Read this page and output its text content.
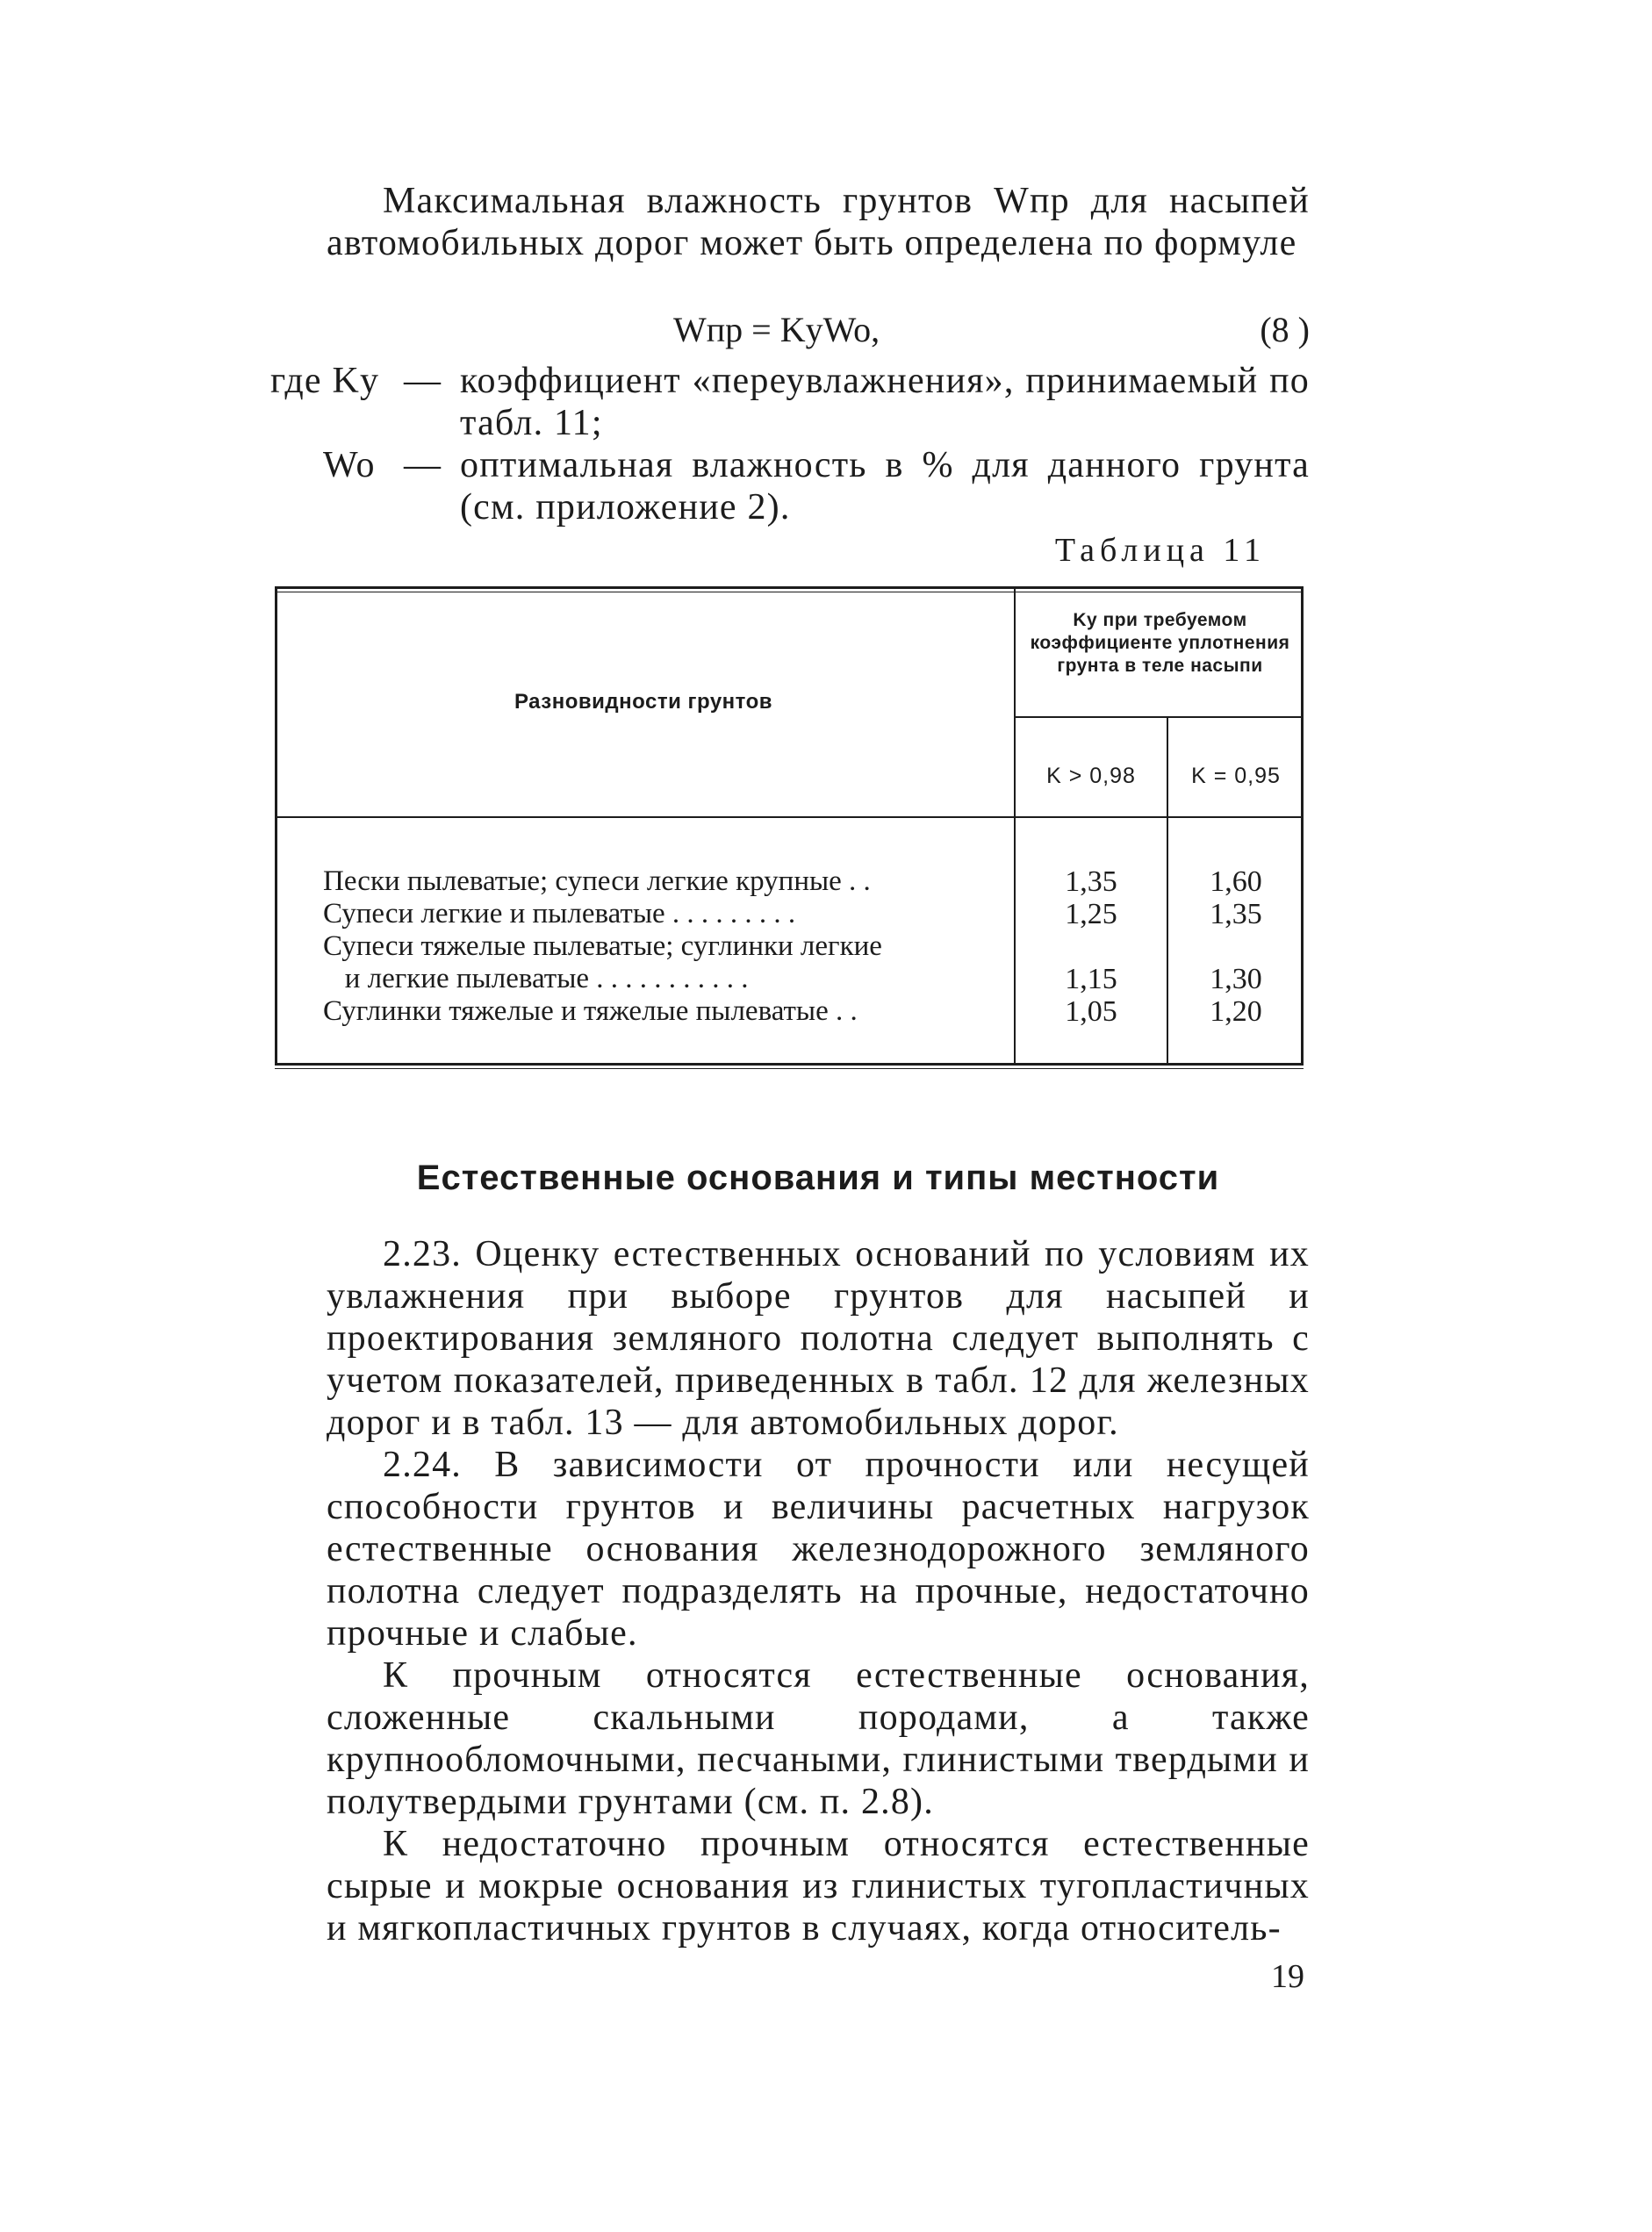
Максимальная влажность грунтов Wпр для насыпей автомобильных дорог может быть определена по формуле

Wпр = KyWo,	(8 )
где Ky — коэффициент «переувлажнения», принимаемый по табл. 11;
Wo — оптимальная влажность в % для данного грунта (см. приложение 2).
Таблица 11
Разновидности грунтов
Ky при требуемом коэффициенте уплотнения грунта в теле насыпи
K > 0,98	K = 0,95
Пески пылеватые; супеси легкие крупные . .
Супеси легкие и пылеватые . . . . . . . . .
Супеси тяжелые пылеватые; суглинки легкие
и легкие пылеватые . . . . . . . . . . .
Суглинки тяжелые и тяжелые пылеватые . .
1,35
1,25
1,15
1,05
1,60
1,35
1,30
1,20
Естественные основания и типы местности

2.23. Оценку естественных оснований по условиям их увлажнения при выборе грунтов для насыпей и проектирования земляного полотна следует выполнять с учетом показателей, приведенных в табл. 12 для железных дорог и в табл. 13 — для автомобильных дорог.

2.24. В зависимости от прочности или несущей способности грунтов и величины расчетных нагрузок естественные основания железнодорожного земляного полотна следует подразделять на прочные, недостаточно прочные и слабые.

К прочным относятся естественные основания, сложенные скальными породами, а также крупнообломочными, песчаными, глинистыми твердыми и полутвердыми грунтами (см. п. 2.8).

К недостаточно прочным относятся естественные сырые и мокрые основания из глинистых тугопластичных и мягкопластичных грунтов в случаях, когда относитель-

19
